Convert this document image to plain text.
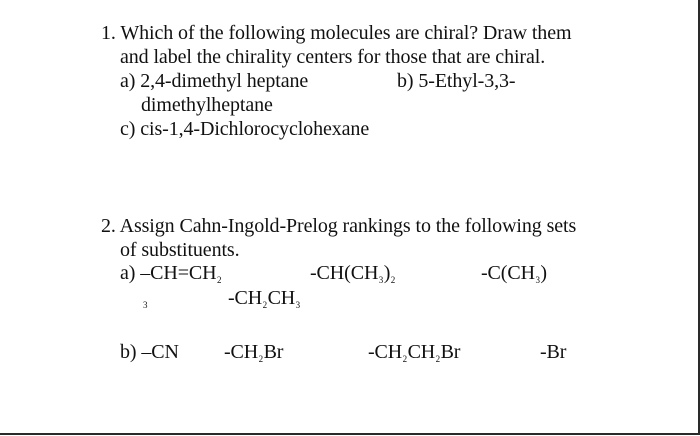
1. Which of the following molecules are chiral? Draw them
and label the chirality centers for those that are chiral.
a) 2,4-dimethyl heptane	b) 5-Ethyl-3,3-
dimethylheptane
c) cis-1,4-Dichlorocyclohexane
2. Assign Cahn-Ingold-Prelog rankings to the following sets
of substituents.
a) $-CH=CH_2$	$-CH(CH_3)_2$	$-C(CH_3)$
3	$-CH_2CH_3$
b) –CN $-CH_2Br$	$-CH_2CH_2Br$	-Br
